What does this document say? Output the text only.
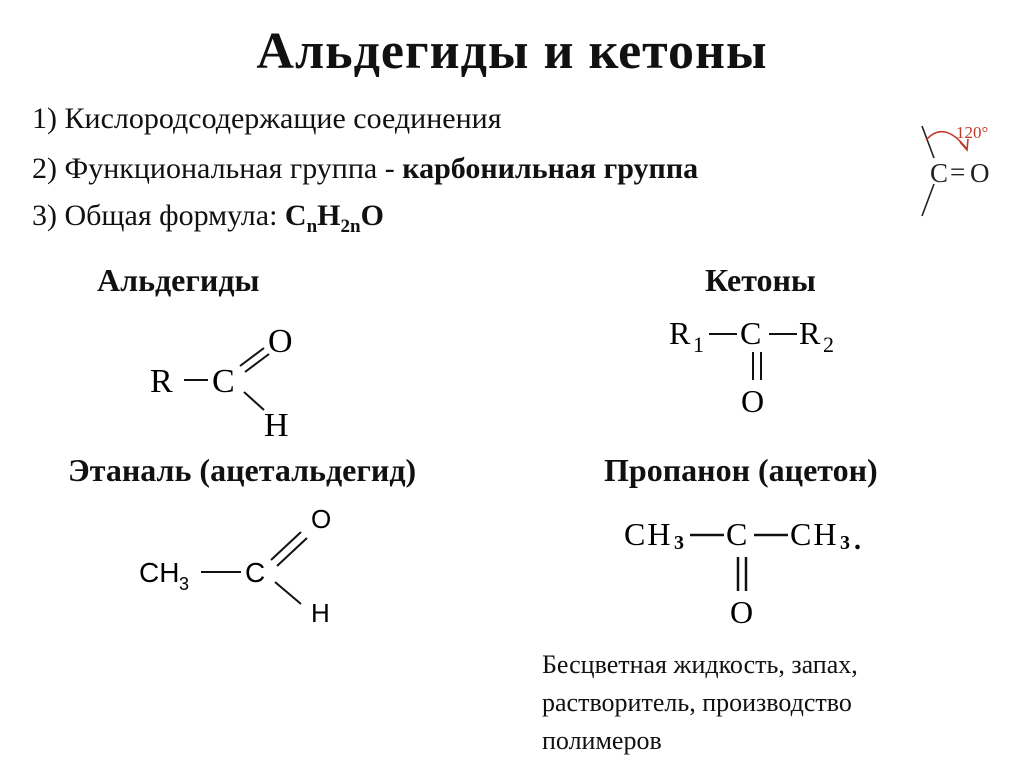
Альдегиды и кетоны
1) Кислородсодержащие соединения
2) Функциональная группа - карбонильная группа
3) Общая формула: $C_nH_{2n}O$
120°
C = O
Альдегиды	Кетоны
R C
O
H
R 1 C R 2
O
Этаналь (ацетальдегид)	Пропанон (ацетон)
CH 3 C
O
H
CH 3 C CH 3 .
O
Бесцветная жидкость, запах,
растворитель, производство
полимеров
